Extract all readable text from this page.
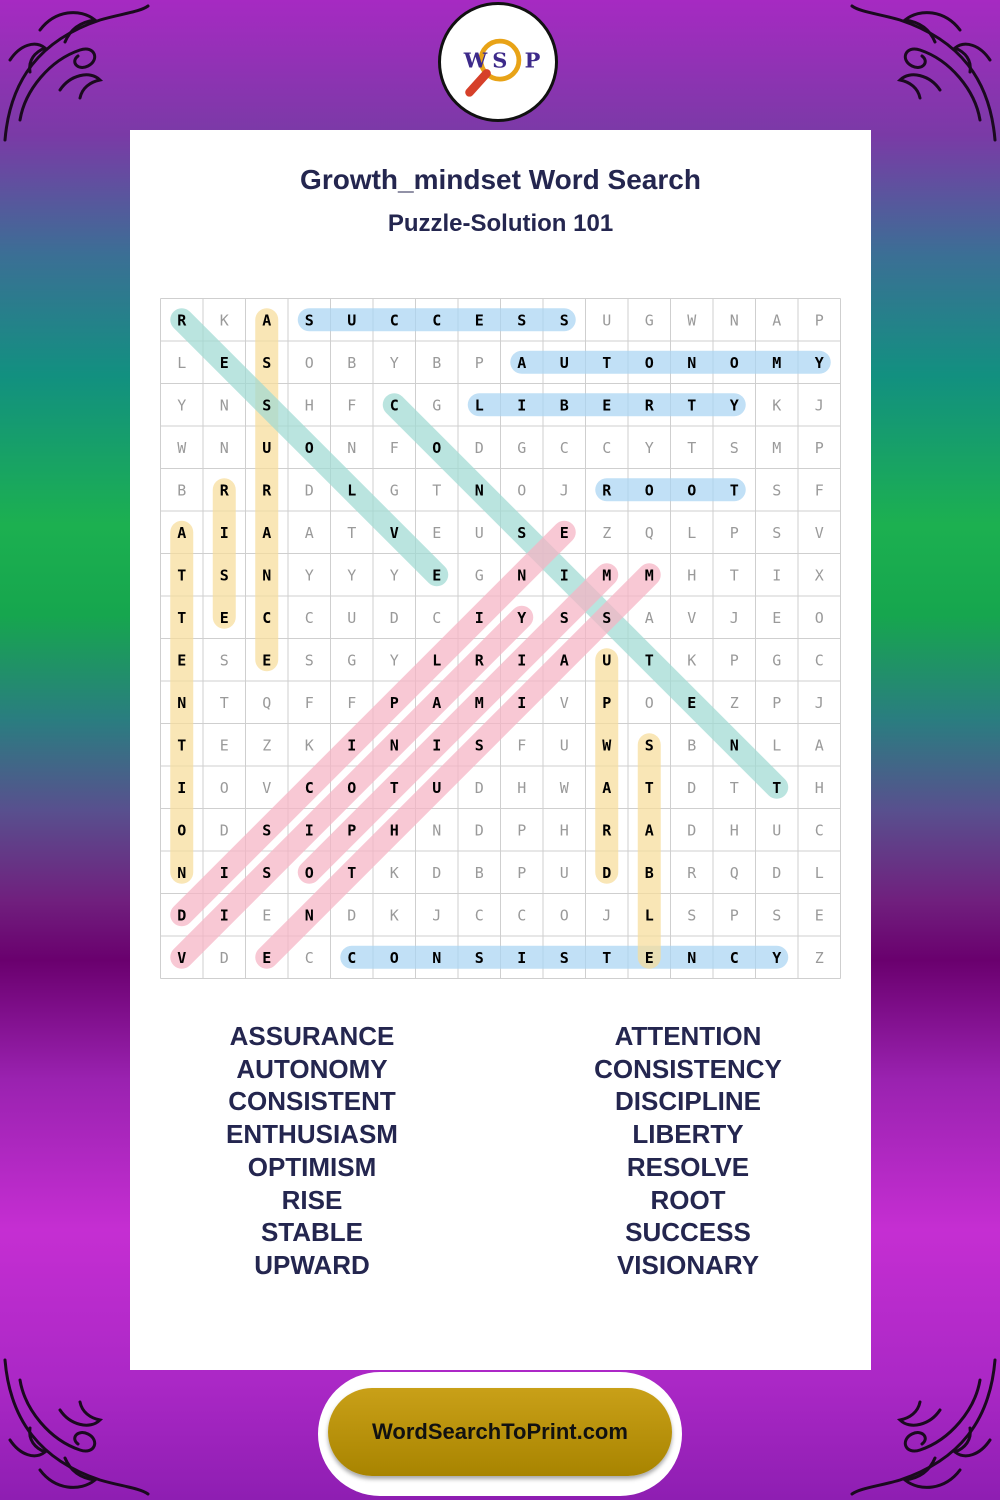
W S P
Growth_mindset Word Search
Puzzle-Solution 101
R K A S U C C E S S U G W N A P
L E S O B Y B P A U T O N O M Y
Y N S H F C G L I B E R T Y K J
W N U O N F O D G C C Y T S M P
B R R D L G T N O J R O O T S F
A I A A T V E U S E Z Q L P S V
T S N Y Y Y E G N I M M H T I X
T E C C U D C I Y S S A V J E O
E S E S G Y L R I A U T K P G C
N T Q F F P A M I V P O E Z P J
T E Z K I N I S F U W S B N L A
I O V C O T U D H W A T D T T H
O D S I P H N D P H R A D H U C
N I S O T K D B P U D B R Q D L
D I E N D K J C C O J L S P S E
V D E C C O N S I S T E N C Y Z
ASSURANCE
AUTONOMY
CONSISTENT
ENTHUSIASM
OPTIMISM
RISE
STABLE
UPWARD
ATTENTION
CONSISTENCY
DISCIPLINE
LIBERTY
RESOLVE
ROOT
SUCCESS
VISIONARY
WordSearchToPrint.com
